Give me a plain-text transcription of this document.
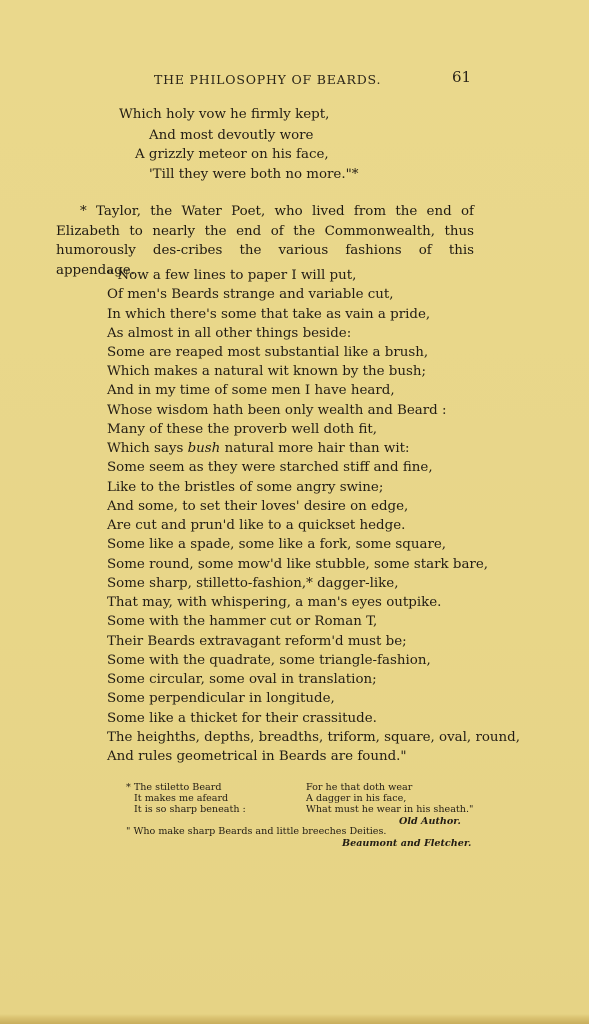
THE PHILOSOPHY OF BEARDS.	61
Which holy vow he firmly kept,
And most devoutly wore
A grizzly meteor on his face,
'Till they were both no more."*
* Taylor, the Water Poet, who lived from the end of Elizabeth to nearly the end of the Commonwealth, thus humorously des-cribes the various fashions of this appendage.
" Now a few lines to paper I will put,
Of men's Beards strange and variable cut,
In which there's some that take as vain a pride,
As almost in all other things beside:
Some are reaped most substantial like a brush,
Which makes a natural wit known by the bush;
And in my time of some men I have heard,
Whose wisdom hath been only wealth and Beard :
Many of these the proverb well doth fit,
Which says bush natural more hair than wit:
Some seem as they were starched stiff and fine,
Like to the bristles of some angry swine;
And some, to set their loves' desire on edge,
Are cut and prun'd like to a quickset hedge.
Some like a spade, some like a fork, some square,
Some round, some mow'd like stubble, some stark bare,
Some sharp, stilletto-fashion,* dagger-like,
That may, with whispering, a man's eyes outpike.
Some with the hammer cut or Roman T,
Their Beards extravagant reform'd must be;
Some with the quadrate, some triangle-fashion,
Some circular, some oval in translation;
Some perpendicular in longitude,
Some like a thicket for their crassitude.
The heighths, depths, breadths, triform, square, oval, round,
And rules geometrical in Beards are found."
* The stiletto Beard
It makes me afeard
It is so sharp beneath :
For he that doth wear
A dagger in his face,
What must he wear in his sheath."
Old Author.
" Who make sharp Beards and little breeches Deities.
Beaumont and Fletcher.
